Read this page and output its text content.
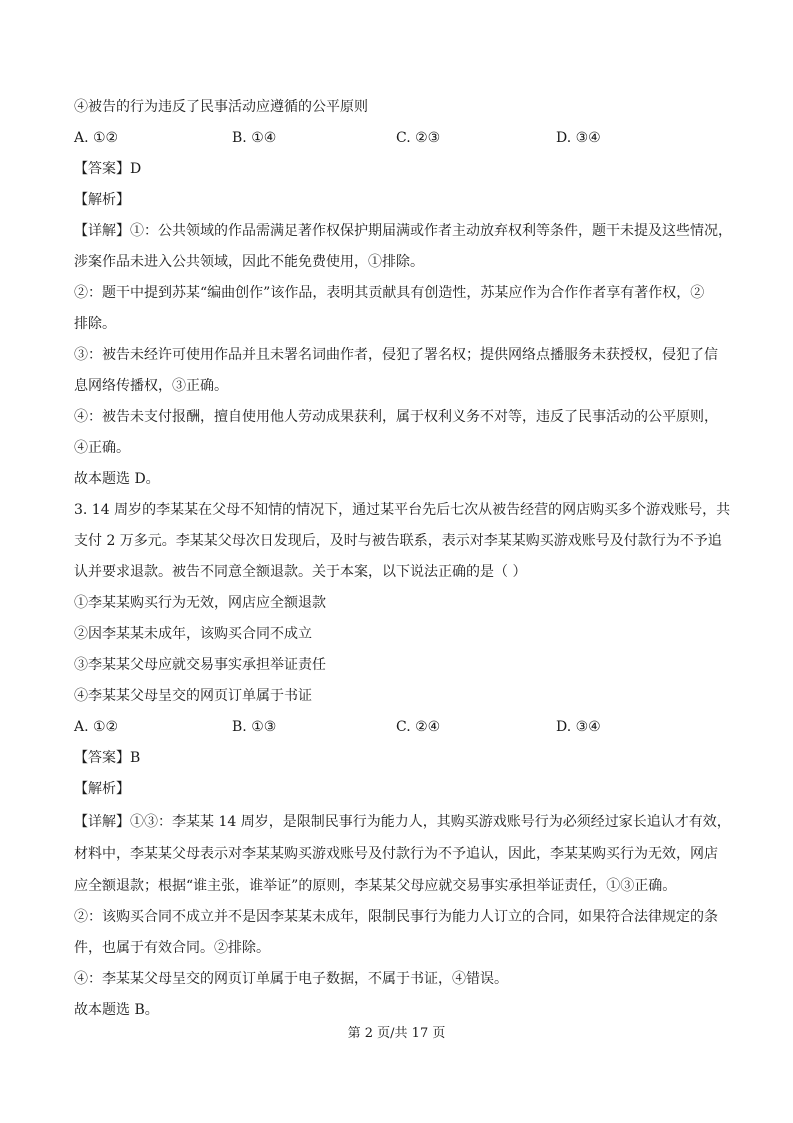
④被告的行为违反了民事活动应遵循的公平原则
A. ①②	B. ①④	C. ②③	D. ③④
【答案】D
【解析】
【详解】①：公共领域的作品需满足著作权保护期届满或作者主动放弃权利等条件，题干未提及这些情况，
涉案作品未进入公共领域，因此不能免费使用，①排除。
②：题干中提到苏某“编曲创作”该作品，表明其贡献具有创造性，苏某应作为合作作者享有著作权，②
排除。
③：被告未经许可使用作品并且未署名词曲作者，侵犯了署名权；提供网络点播服务未获授权，侵犯了信
息网络传播权，③正确。
④：被告未支付报酬，擅自使用他人劳动成果获利，属于权利义务不对等，违反了民事活动的公平原则，
④正确。
故本题选 D。
3. 14 周岁的李某某在父母不知情的情况下，通过某平台先后七次从被告经营的网店购买多个游戏账号，共
支付 2 万多元。李某某父母次日发现后，及时与被告联系，表示对李某某购买游戏账号及付款行为不予追
认并要求退款。被告不同意全额退款。关于本案，以下说法正确的是（ ）
①李某某购买行为无效，网店应全额退款
②因李某某未成年，该购买合同不成立
③李某某父母应就交易事实承担举证责任
④李某某父母呈交的网页订单属于书证
A. ①②	B. ①③	C. ②④	D. ③④
【答案】B
【解析】
【详解】①③：李某某 14 周岁，是限制民事行为能力人，其购买游戏账号行为必须经过家长追认才有效，
材料中，李某某父母表示对李某某购买游戏账号及付款行为不予追认，因此，李某某购买行为无效，网店
应全额退款；根据“谁主张，谁举证”的原则，李某某父母应就交易事实承担举证责任，①③正确。
②：该购买合同不成立并不是因李某某未成年，限制民事行为能力人订立的合同，如果符合法律规定的条
件，也属于有效合同。②排除。
④：李某某父母呈交的网页订单属于电子数据，不属于书证，④错误。
故本题选 B。
第 2 页/共 17 页
